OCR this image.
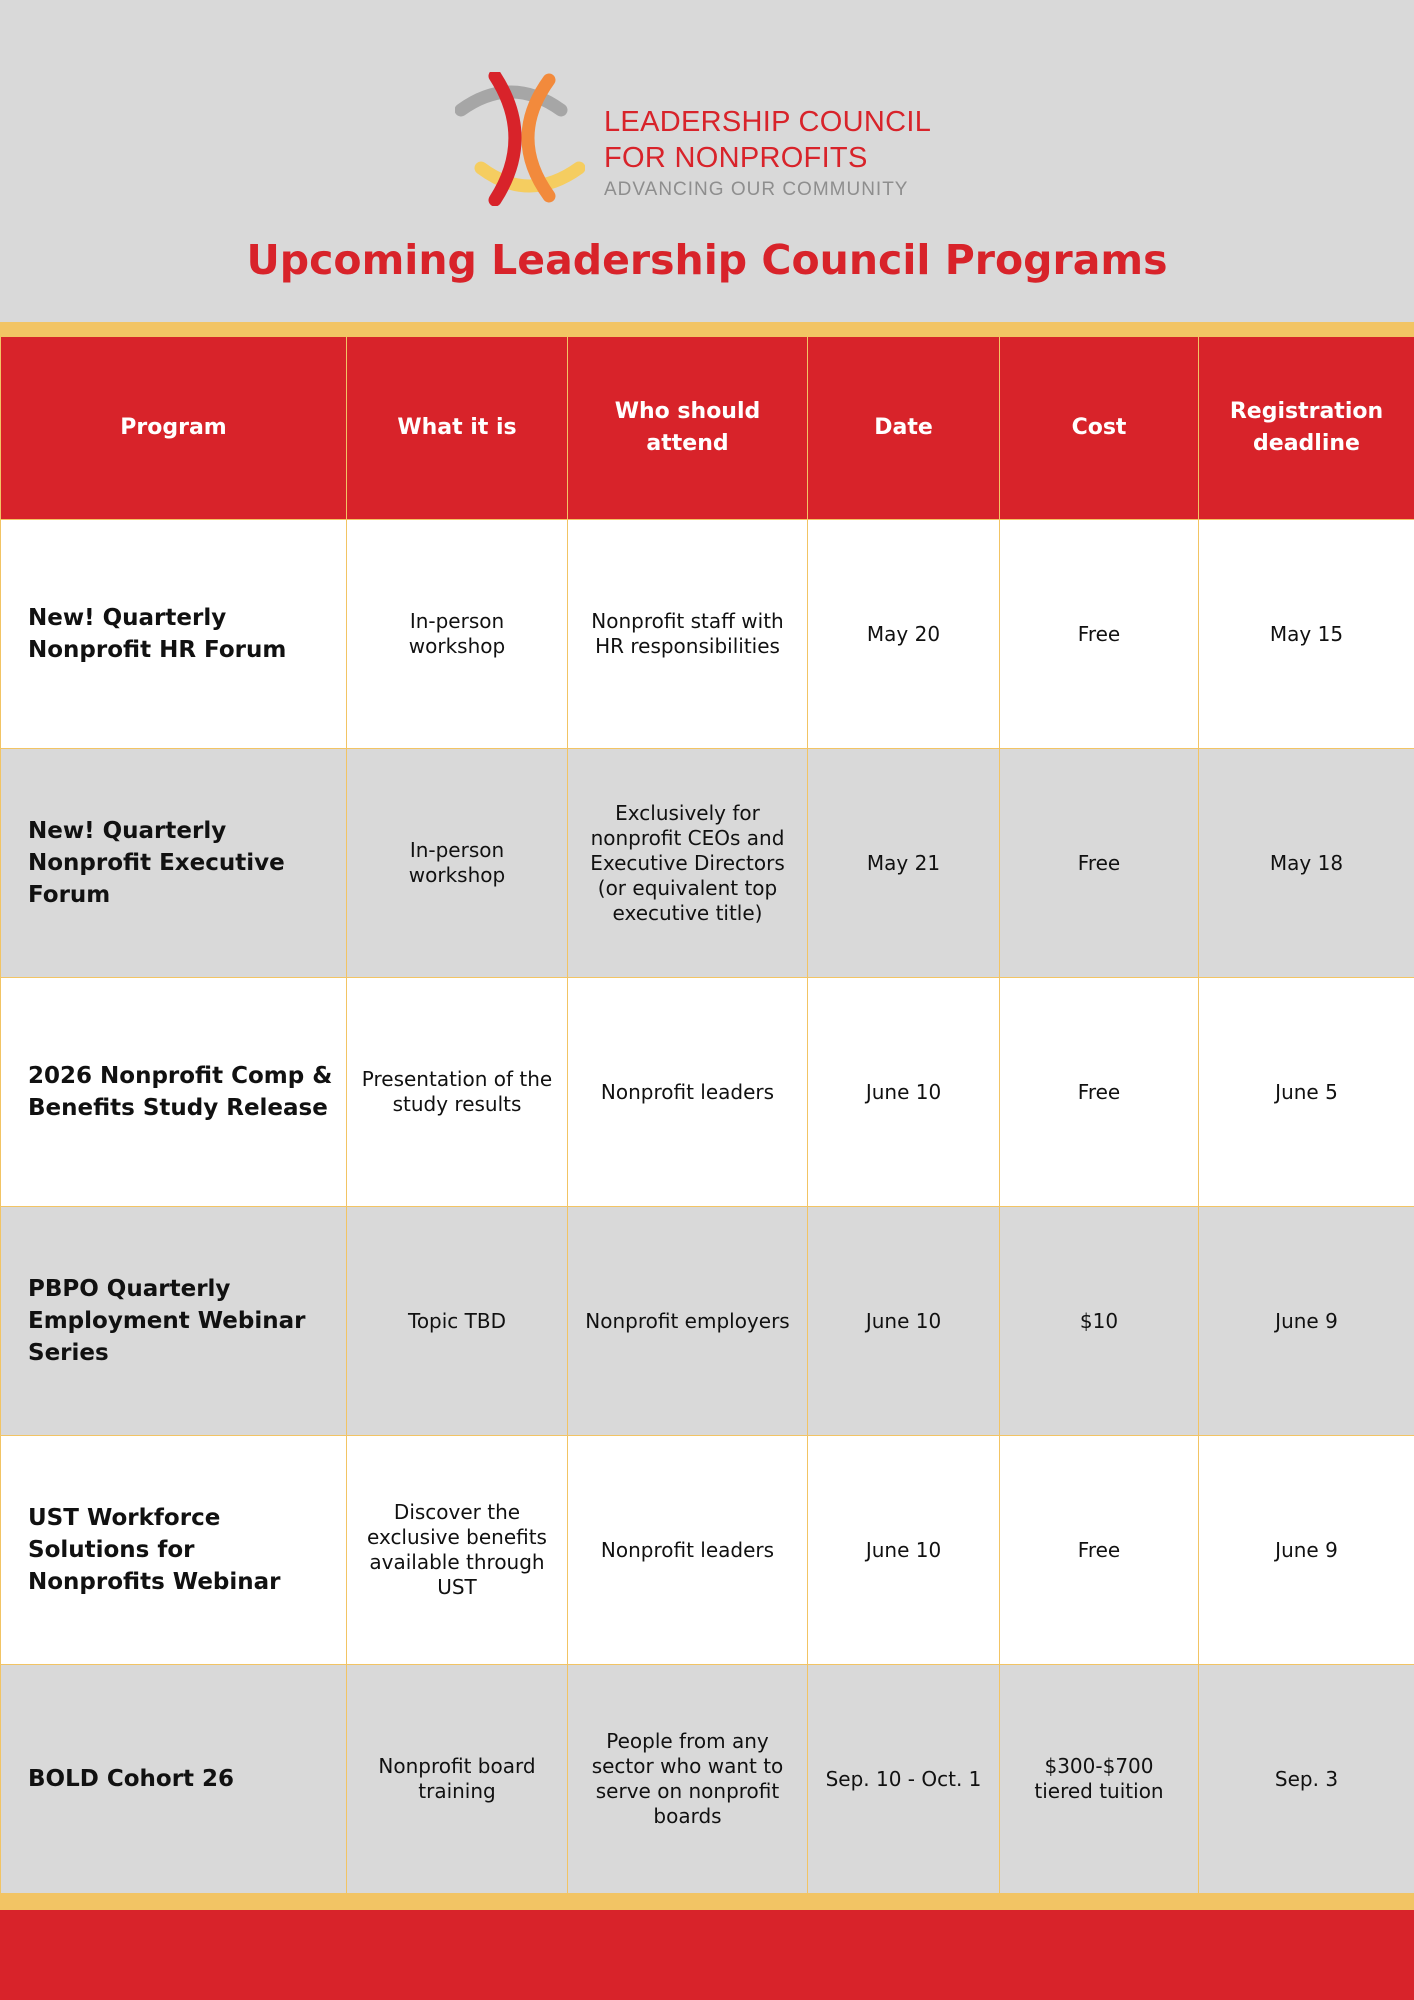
LEADERSHIP COUNCIL
FOR NONPROFITS
ADVANCING OUR COMMUNITY
Upcoming Leadership Council Programs
Program	What it is	Who should attend	Date	Cost	Registration deadline
New! Quarterly Nonprofit HR Forum	In-person workshop	Nonprofit staff with HR responsibilities	May 20	Free	May 15
New! Quarterly Nonprofit Executive Forum	In-person workshop	Exclusively for nonprofit CEOs and Executive Directors (or equivalent top executive title)	May 21	Free	May 18
2026 Nonprofit Comp & Benefits Study Release	Presentation of the study results	Nonprofit leaders	June 10	Free	June 5
PBPO Quarterly Employment Webinar Series	Topic TBD	Nonprofit employers	June 10	$10	June 9
UST Workforce Solutions for Nonprofits Webinar	Discover the exclusive benefits available through UST	Nonprofit leaders	June 10	Free	June 9
BOLD Cohort 26	Nonprofit board training	People from any sector who want to serve on nonprofit boards	Sep. 10 - Oct. 1	$300-$700 tiered tuition	Sep. 3
